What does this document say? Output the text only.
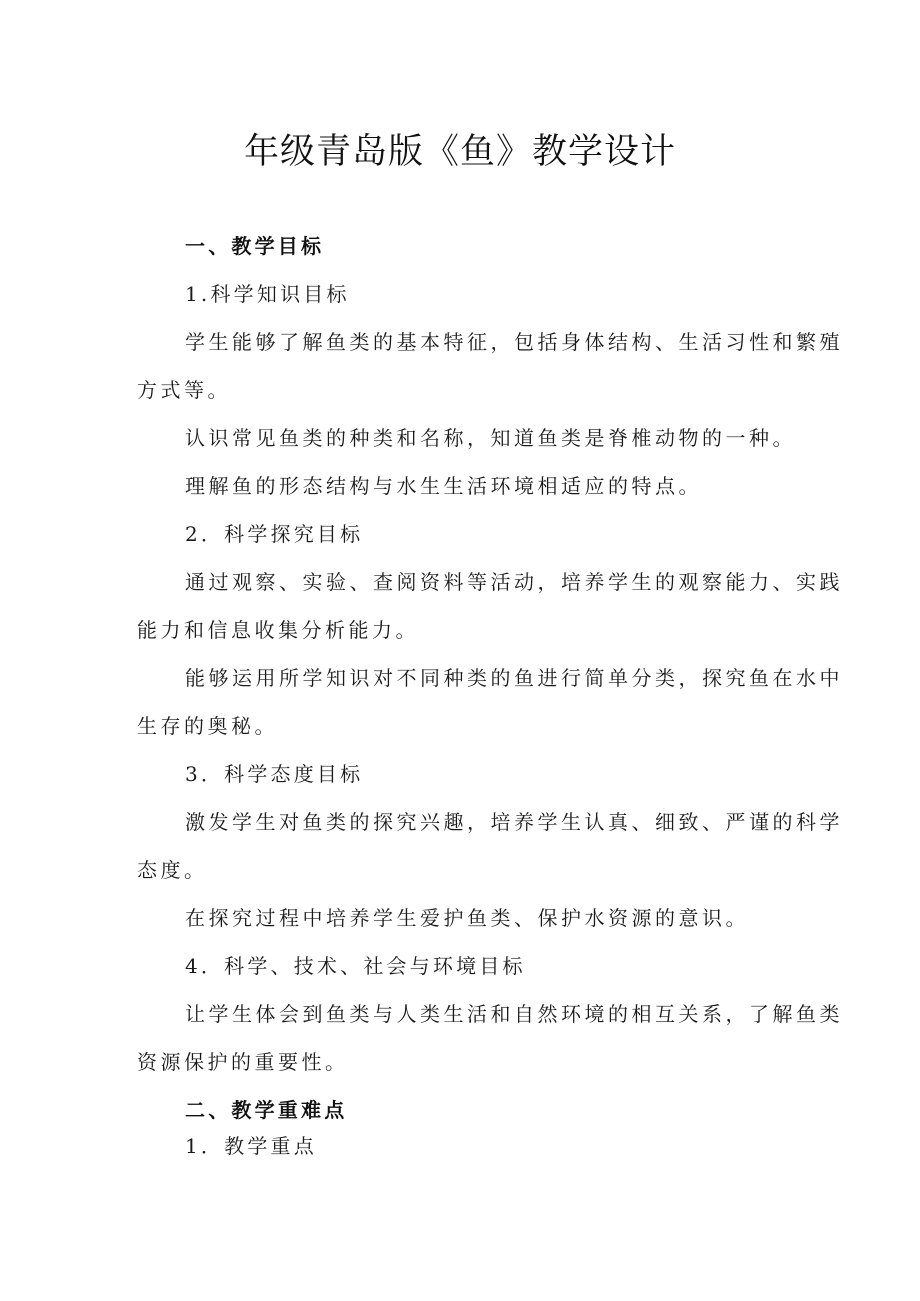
年级青岛版《鱼》教学设计
一、教学目标
1.科学知识目标
学生能够了解鱼类的基本特征，包括身体结构、生活习性和繁殖
方式等。
认识常见鱼类的种类和名称，知道鱼类是脊椎动物的一种。
理解鱼的形态结构与水生生活环境相适应的特点。
2．科学探究目标
通过观察、实验、查阅资料等活动，培养学生的观察能力、实践
能力和信息收集分析能力。
能够运用所学知识对不同种类的鱼进行简单分类，探究鱼在水中
生存的奥秘。
3．科学态度目标
激发学生对鱼类的探究兴趣，培养学生认真、细致、严谨的科学
态度。
在探究过程中培养学生爱护鱼类、保护水资源的意识。
4．科学、技术、社会与环境目标
让学生体会到鱼类与人类生活和自然环境的相互关系，了解鱼类
资源保护的重要性。
二、教学重难点
1．教学重点
